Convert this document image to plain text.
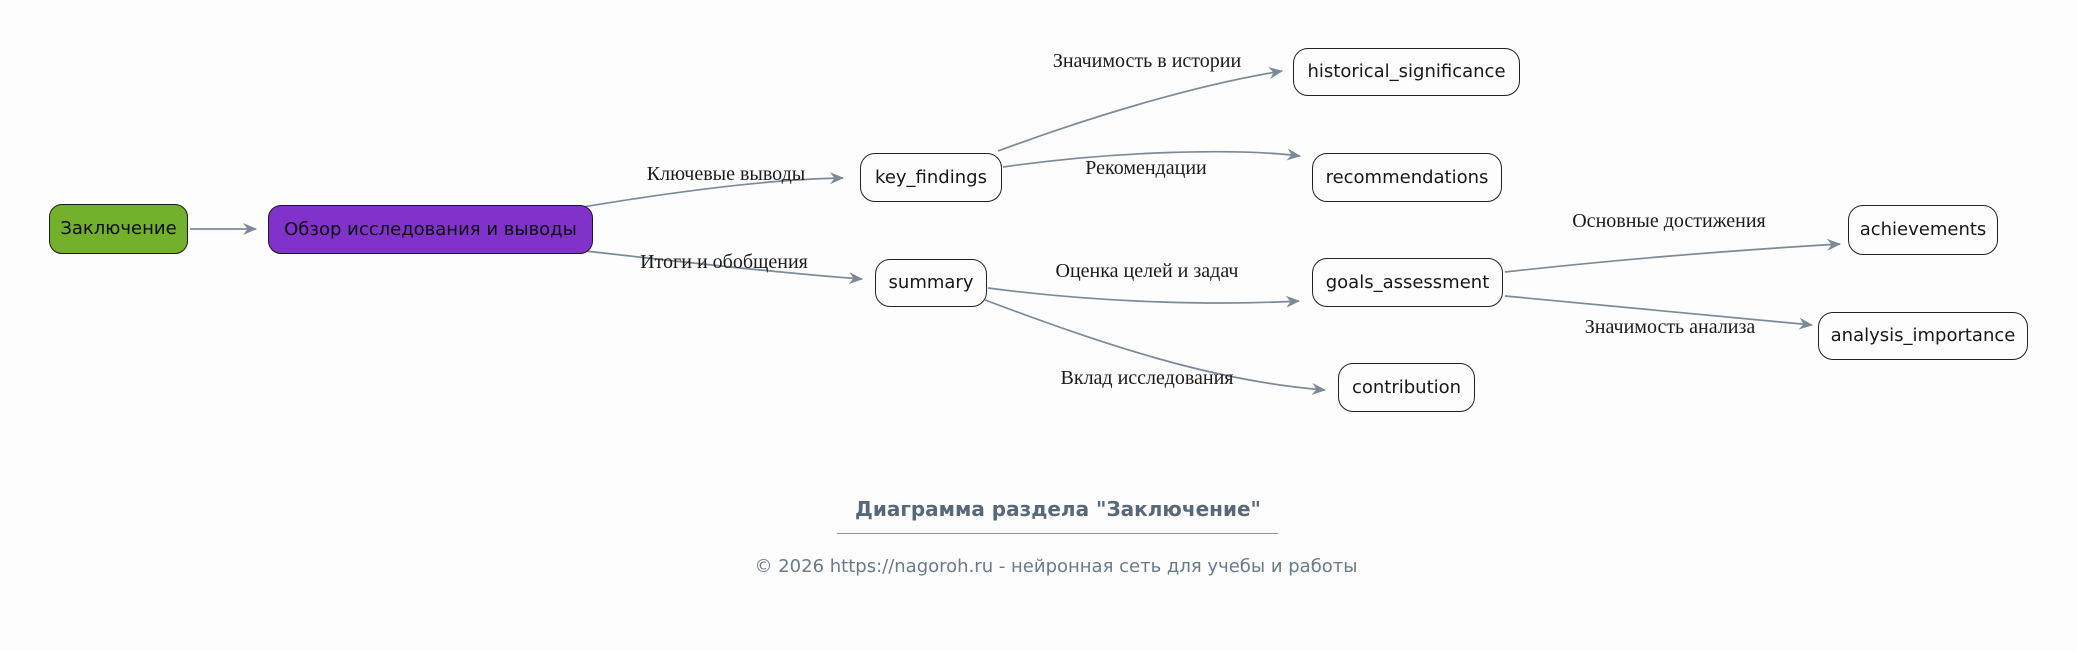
Диаграмма раздела "Заключение"
© 2026 https://nagoroh.ru - нейронная сеть для учебы и работы
Ключевые выводы
Итоги и обобщения
Значимость в истории
Рекомендации
Оценка целей и задач
Вклад исследования
Основные достижения
Значимость анализа
Заключение	Обзор исследования и выводы
key_findings
historical_significance
recommendations
summary	goals_assessment
achievements
analysis_importance
contribution
